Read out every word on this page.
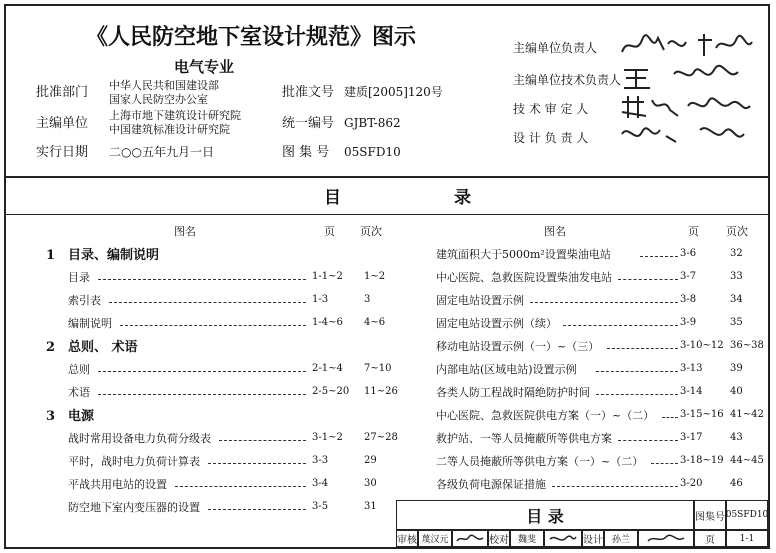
《人民防空地下室设计规范》图示
电气专业
批准部门 中华人民共和国建设部
国家人民防空办公室	批准文号 建质[2005]120号
主编单位
上海市地下建筑设计研究院
中国建筑标准设计研究院	统一编号 GJBT-862
实行日期 二○○五年九月一日	图 集 号 05SFD10
主编单位负责人
主编单位技术负责人
技 术 审 定 人
设 计 负 责 人
目	录
图名	页 页次	图名	页 页次
1 目录、编制说明
目录	1-1~2 1~2
索引表	1-3	3
编制说明	1-4~6 4~6
2 总则、 术语
总则	2-1~4 7~10
术语	2-5~20 11~26
3 电源
战时常用设备电力负荷分级表	3-1~2 27~28
平时，战时电力负荷计算表	3-3	29
平战共用电站的设置	3-4	30
防空地下室内变压器的设置	3-5	31
建筑面积大于5000m²设置柴油电站	3-6	32
中心医院、急救医院设置柴油发电站	3-7	33
固定电站设置示例	3-8	34
固定电站设置示例（续）	3-9	35
移动电站设置示例（一）~（三）	3-10~12 36~38
内部电站(区域电站)设置示例	3-13	39
各类人防工程战时隔绝防护时间	3-14	40
中心医院、急救医院供电方案（一）~（二）	3-15~16 41~42
救护站、一等人员掩蔽所等供电方案	3-17	43
二等人员掩蔽所等供电方案（一）~（二）	3-18~19 44~45
各级负荷电源保证措施	3-20	46
目 录	图集号 05SFD10
审核 蔑汉元	校对 魏斐	设计 孙兰	页	1-1
